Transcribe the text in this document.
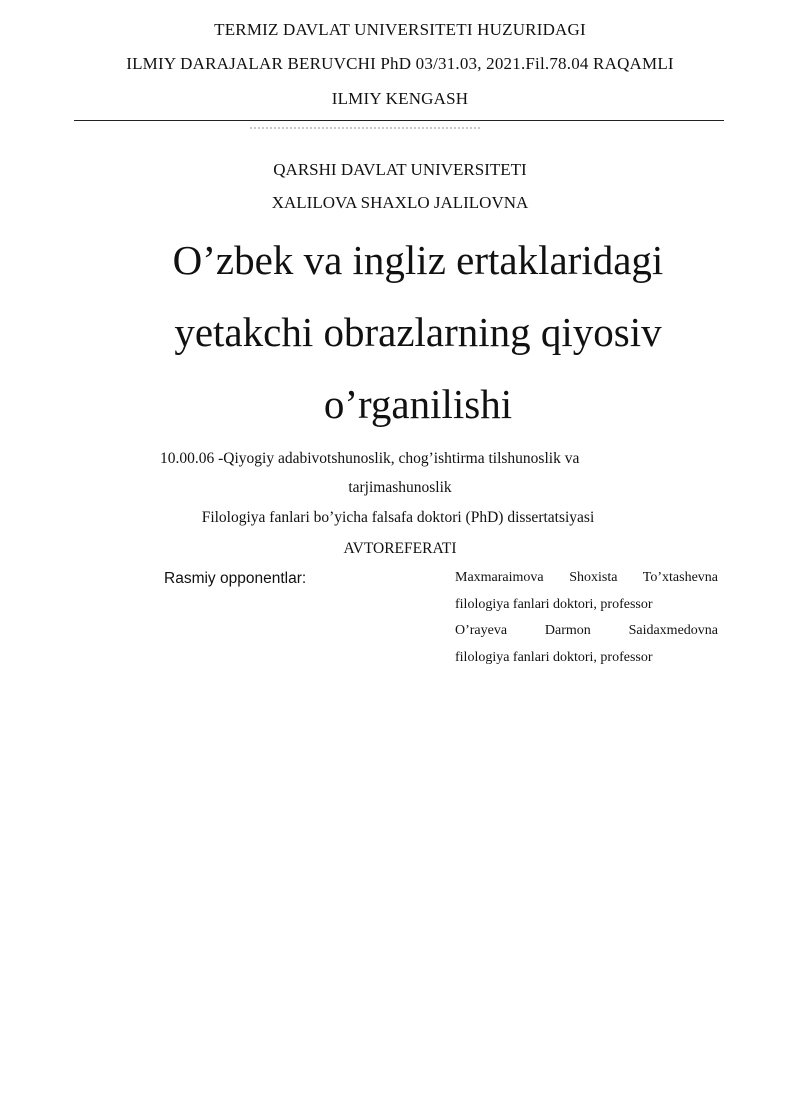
TERMIZ DAVLAT UNIVERSITETI HUZURIDAGI
ILMIY DARAJALAR BERUVCHI PhD 03/31.03, 2021.Fil.78.04 RAQAMLI
ILMIY KENGASH
QARSHI DAVLAT UNIVERSITETI
XALILOVA SHAXLO JALILOVNA
O’zbek va ingliz ertaklaridagi
yetakchi obrazlarning qiyosiv
o’rganilishi
10.00.06 -Qiyogiy adabivotshunoslik, chog’ishtirma tilshunoslik va
tarjimashunoslik
Filologiya fanlari bo’yicha falsafa doktori (PhD) dissertatsiyasi
AVTOREFERATI
Rasmiy opponentlar:	Maxmaraimova Shoxista To’xtashevna
filologiya fanlari doktori, professor
O’rayeva Darmon Saidaxmedovna
filologiya fanlari doktori, professor
